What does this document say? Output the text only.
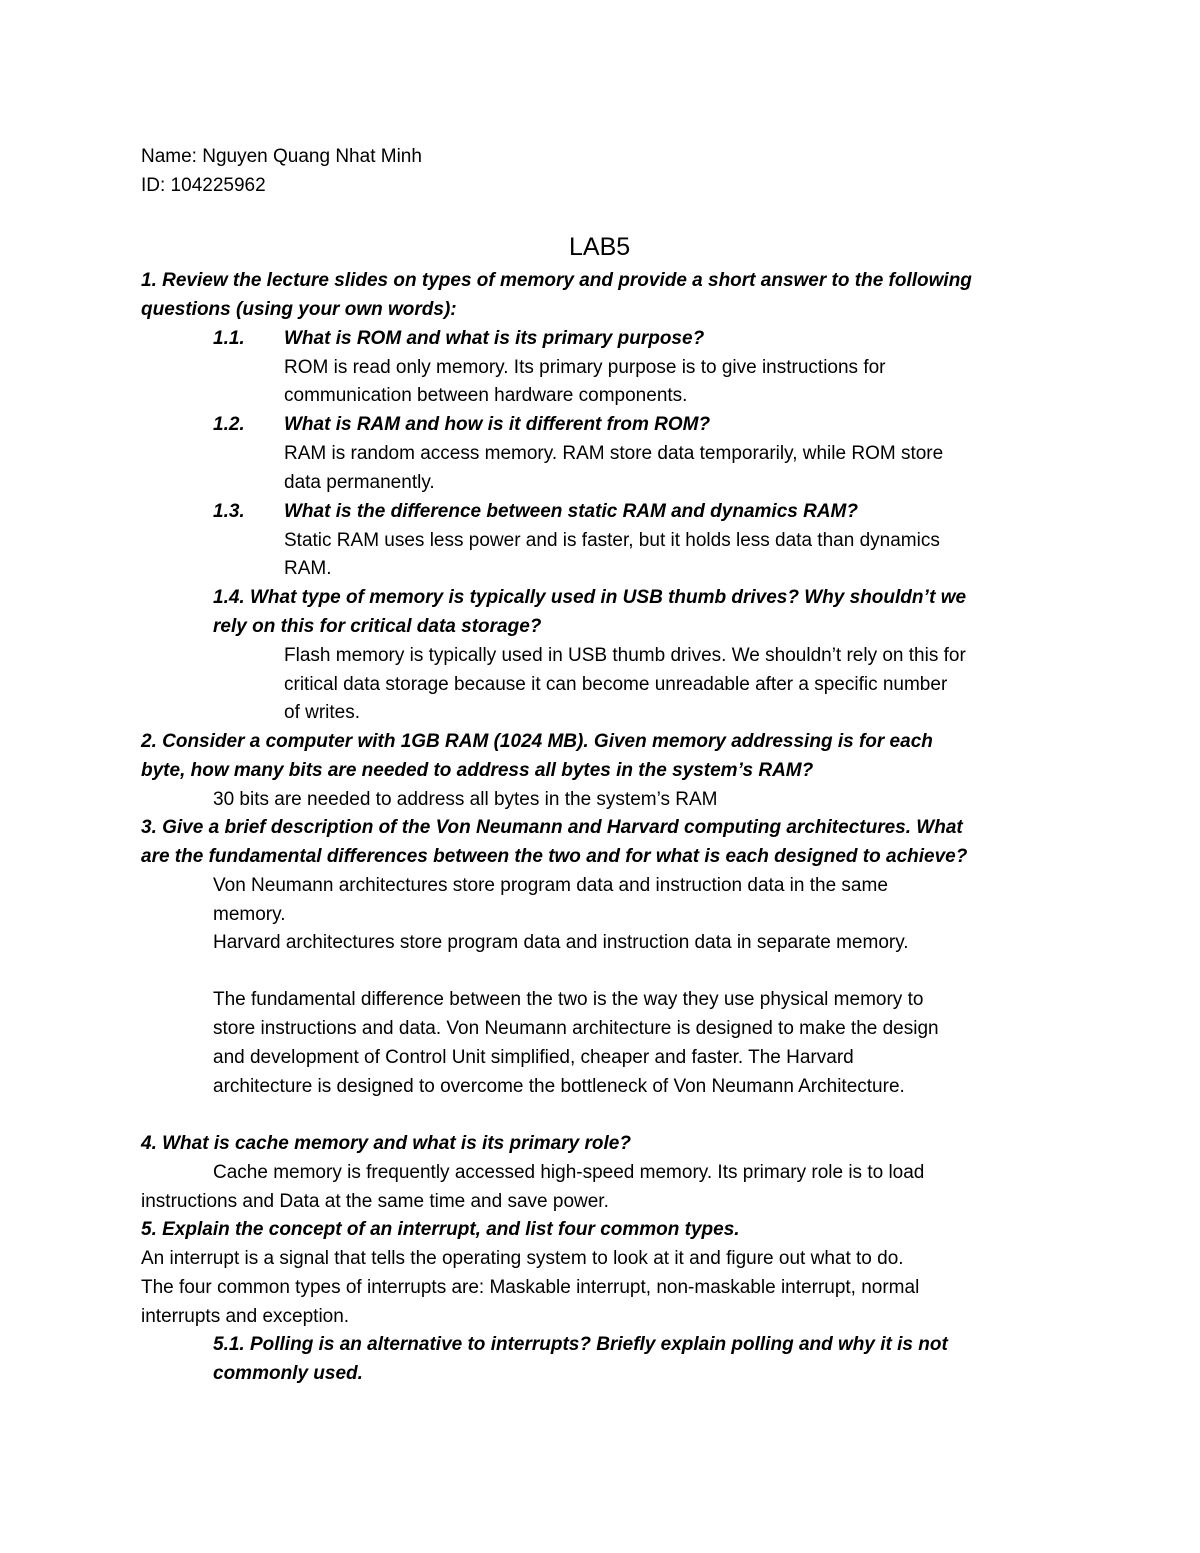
Name: Nguyen Quang Nhat Minh
ID: 104225962
LAB5
1. Review the lecture slides on types of memory and provide a short answer to the following
questions (using your own words):
1.1. What is ROM and what is its primary purpose?
ROM is read only memory. Its primary purpose is to give instructions for
communication between hardware components.
1.2. What is RAM and how is it different from ROM?
RAM is random access memory. RAM store data temporarily, while ROM store
data permanently.
1.3. What is the difference between static RAM and dynamics RAM?
Static RAM uses less power and is faster, but it holds less data than dynamics
RAM.
1.4. What type of memory is typically used in USB thumb drives? Why shouldn’t we
rely on this for critical data storage?
Flash memory is typically used in USB thumb drives. We shouldn’t rely on this for
critical data storage because it can become unreadable after a specific number
of writes.
2. Consider a computer with 1GB RAM (1024 MB). Given memory addressing is for each
byte, how many bits are needed to address all bytes in the system’s RAM?
30 bits are needed to address all bytes in the system’s RAM
3. Give a brief description of the Von Neumann and Harvard computing architectures. What
are the fundamental differences between the two and for what is each designed to achieve?
Von Neumann architectures store program data and instruction data in the same
memory.
Harvard architectures store program data and instruction data in separate memory.
The fundamental difference between the two is the way they use physical memory to
store instructions and data. Von Neumann architecture is designed to make the design
and development of Control Unit simplified, cheaper and faster. The Harvard
architecture is designed to overcome the bottleneck of Von Neumann Architecture.
4. What is cache memory and what is its primary role?
Cache memory is frequently accessed high-speed memory. Its primary role is to load
instructions and Data at the same time and save power.
5. Explain the concept of an interrupt, and list four common types.
An interrupt is a signal that tells the operating system to look at it and figure out what to do.
The four common types of interrupts are: Maskable interrupt, non-maskable interrupt, normal
interrupts and exception.
5.1. Polling is an alternative to interrupts? Briefly explain polling and why it is not
commonly used.
